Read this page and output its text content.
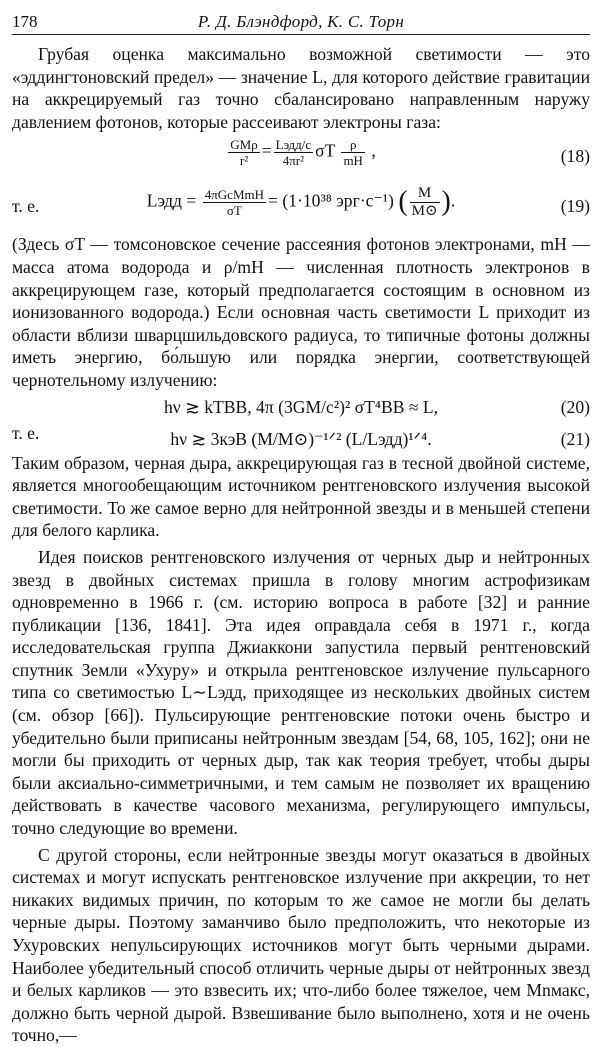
178	Р. Д. Блэндфорд, К. С. Торн

Грубая оценка максимально возможной светимости — это «эддингтоновский предел» — значение L, для которого действие гравитации на аккрецируемый газ точно сбалансировано направленным наружу давлением фотонов, которые рассеивают электроны газа:

$\frac{\text{GMρ}}{\text{r²}} = \frac{\text{Lэдд/c}}{\text{4πr²}}$ σT $\frac{\rho}{mH}$ ,	(18)
т. е.	Lэдд = $\frac{\text{4πGcMmH}}{\sigma T} = (1\cdot 10^{38}$ эрг·с⁻¹) ( $\frac{M}{M⊙}$ ).	(19)

(Здесь σT — томсоновское сечение рассеяния фотонов электронами, mH — масса атома водорода и ρ/mH — численная плотность электронов в аккрецирующем газе, который предполагается состоящим в основном из ионизованного водорода.) Если основная часть светимости L приходит из области вблизи шварцшильдовского радиуса, то типичные фотоны должны иметь энергию, бо́льшую или порядка энергии, соответствующей чернотельному излучению:

hν ≳ kTBB, 4π (3GM/c²)² σT⁴BB ≈ L,	(20)
т. е.	hν ≳ 3кэВ (M/M⊙)⁻¹ᐟ² (L/Lэдд)¹ᐟ⁴.	(21)

Таким образом, черная дыра, аккрецирующая газ в тесной двойной системе, является многообещающим источником рентгеновского излучения высокой светимости. То же самое верно для нейтронной звезды и в меньшей степени для белого карлика.

Идея поисков рентгеновского излучения от черных дыр и нейтронных звезд в двойных системах пришла в голову многим астрофизикам одновременно в 1966 г. (см. историю вопроса в работе [32] и ранние публикации [136, 1841]. Эта идея оправдала себя в 1971 г., когда исследовательская группа Джиаккони запустила первый рентгеновский спутник Земли «Ухуру» и открыла рентгеновское излучение пульсарного типа со светимостью L∼Lэдд, приходящее из нескольких двойных систем (см. обзор [66]). Пульсирующие рентгеновские потоки очень быстро и убедительно были приписаны нейтронным звездам [54, 68, 105, 162]; они не могли бы приходить от черных дыр, так как теория требует, чтобы дыры были аксиально-симметричными, и тем самым не позволяет их вращению действовать в качестве часового механизма, регулирующего импульсы, точно следующие во времени.

С другой стороны, если нейтронные звезды могут оказаться в двойных системах и могут испускать рентгеновское излучение при аккреции, то нет никаких видимых причин, по которым то же самое не могли бы делать черные дыры. Поэтому заманчиво было предположить, что некоторые из Ухуровских непульсирующих источников могут быть черными дырами. Наиболее убедительный способ отличить черные дыры от нейтронных звезд и белых карликов — это взвесить их; что-либо более тяжелое, чем Mnмакс, должно быть черной дырой. Взвешивание было выполнено, хотя и не очень точно,—
